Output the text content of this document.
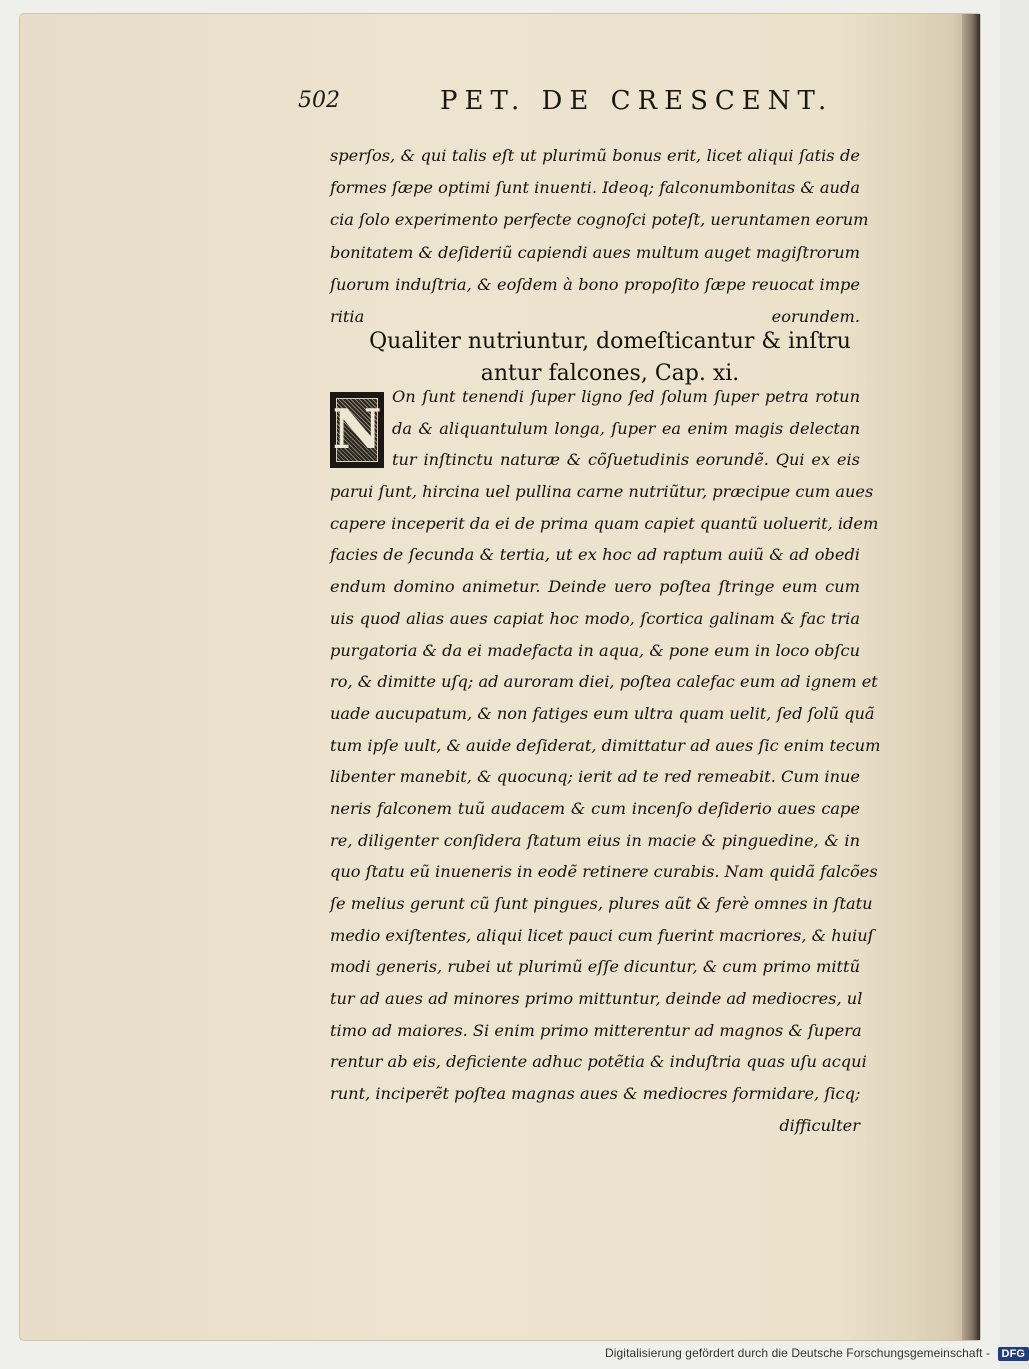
502	PET. DE CRESCENT.
sperſos, & qui talis eſt ut plurimũ bonus erit, licet aliqui ſatis de
formes ſæpe optimi ſunt inuenti. Ideoq; falconumbonitas & auda
cia ſolo experimento perfecte cognoſci poteſt, ueruntamen eorum
bonitatem & deſideriũ capiendi aues multum auget magiſtrorum
ſuorum induſtria, & eoſdem à bono propoſito ſæpe reuocat impe
ritia eorundem.
Qualiter nutriuntur, domeſticantur & inſtru
antur falcones, Cap. xi.
N
On ſunt tenendi ſuper ligno ſed ſolum ſuper petra rotun
da & aliquantulum longa, ſuper ea enim magis delectan
tur inſtinctu naturæ & cõſuetudinis eorundẽ. Qui ex eis
parui ſunt, hircina uel pullina carne nutriũtur, præcipue cum aues
capere inceperit da ei de prima quam capiet quantũ uoluerit, idem
facies de ſecunda & tertia, ut ex hoc ad raptum auiũ & ad obedi
endum domino animetur. Deinde uero poſtea ſtringe eum cum
uis quod alias aues capiat hoc modo, ſcortica galinam & fac tria
purgatoria & da ei madefacta in aqua, & pone eum in loco obſcu
ro, & dimitte uſq; ad auroram diei, poſtea calefac eum ad ignem et
uade aucupatum, & non fatiges eum ultra quam uelit, ſed ſolũ quã
tum ipſe uult, & auide deſiderat, dimittatur ad aues ſic enim tecum
libenter manebit, & quocunq; ierit ad te red remeabit. Cum inue
neris falconem tuũ audacem & cum incenſo deſiderio aues cape
re, diligenter conſidera ſtatum eius in macie & pinguedine, & in
quo ſtatu eũ inueneris in eodẽ retinere curabis. Nam quidã falcões
ſe melius gerunt cũ ſunt pingues, plures aũt & ferè omnes in ſtatu
medio exiſtentes, aliqui licet pauci cum fuerint macriores, & huiuſ
modi generis, rubei ut plurimũ eſſe dicuntur, & cum primo mittũ
tur ad aues ad minores primo mittuntur, deinde ad mediocres, ul
timo ad maiores. Si enim primo mitterentur ad magnos & ſupera
rentur ab eis, deficiente adhuc potẽtia & induſtria quas uſu acqui
runt, inciperẽt poſtea magnas aues & mediocres formidare, ſicq;
difficulter
Digitalisierung gefördert durch die Deutsche Forschungsgemeinschaft - DFG
